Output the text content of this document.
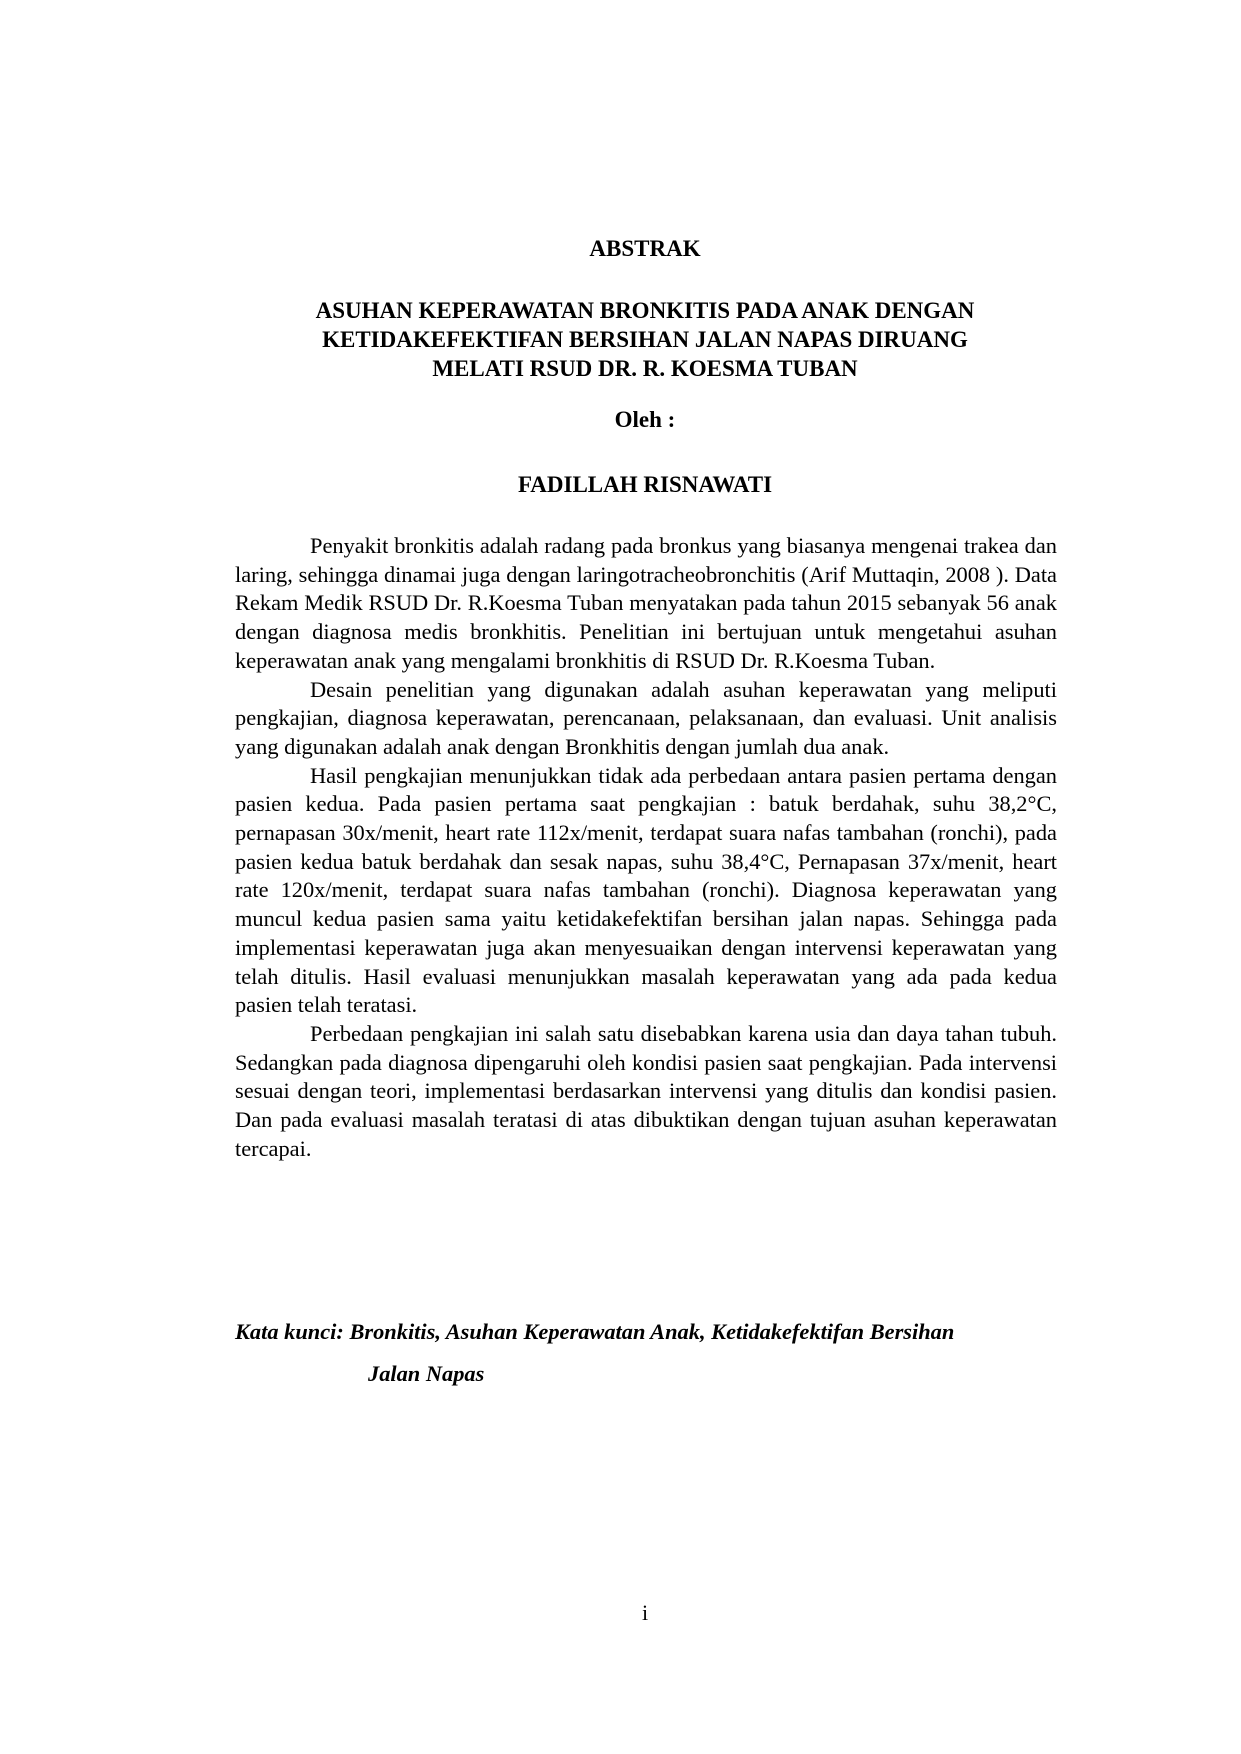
ABSTRAK
ASUHAN KEPERAWATAN BRONKITIS PADA ANAK DENGAN
KETIDAKEFEKTIFAN BERSIHAN JALAN NAPAS DIRUANG
MELATI RSUD DR. R. KOESMA TUBAN
Oleh :
FADILLAH RISNAWATI

Penyakit bronkitis adalah radang pada bronkus yang biasanya mengenai trakea dan laring, sehingga dinamai juga dengan laringotracheobronchitis (Arif Muttaqin, 2008 ). Data Rekam Medik RSUD Dr. R.Koesma Tuban menyatakan pada tahun 2015 sebanyak 56 anak dengan diagnosa medis bronkhitis. Penelitian ini bertujuan untuk mengetahui asuhan keperawatan anak yang mengalami bronkhitis di RSUD Dr. R.Koesma Tuban.

Desain penelitian yang digunakan adalah asuhan keperawatan yang meliputi pengkajian, diagnosa keperawatan, perencanaan, pelaksanaan, dan evaluasi. Unit analisis yang digunakan adalah anak dengan Bronkhitis dengan jumlah dua anak.

Hasil pengkajian menunjukkan tidak ada perbedaan antara pasien pertama dengan pasien kedua. Pada pasien pertama saat pengkajian : batuk berdahak, suhu 38,2°C, pernapasan 30x/menit, heart rate 112x/menit, terdapat suara nafas tambahan (ronchi), pada pasien kedua batuk berdahak dan sesak napas, suhu 38,4°C, Pernapasan 37x/menit, heart rate 120x/menit, terdapat suara nafas tambahan (ronchi). Diagnosa keperawatan yang muncul kedua pasien sama yaitu ketidakefektifan bersihan jalan napas. Sehingga pada implementasi keperawatan juga akan menyesuaikan dengan intervensi keperawatan yang telah ditulis. Hasil evaluasi menunjukkan masalah keperawatan yang ada pada kedua pasien telah teratasi.

Perbedaan pengkajian ini salah satu disebabkan karena usia dan daya tahan tubuh. Sedangkan pada diagnosa dipengaruhi oleh kondisi pasien saat pengkajian. Pada intervensi sesuai dengan teori, implementasi berdasarkan intervensi yang ditulis dan kondisi pasien. Dan pada evaluasi masalah teratasi di atas dibuktikan dengan tujuan asuhan keperawatan tercapai.

Kata kunci: Bronkitis, Asuhan Keperawatan Anak, Ketidakefektifan Bersihan
Jalan Napas
i
